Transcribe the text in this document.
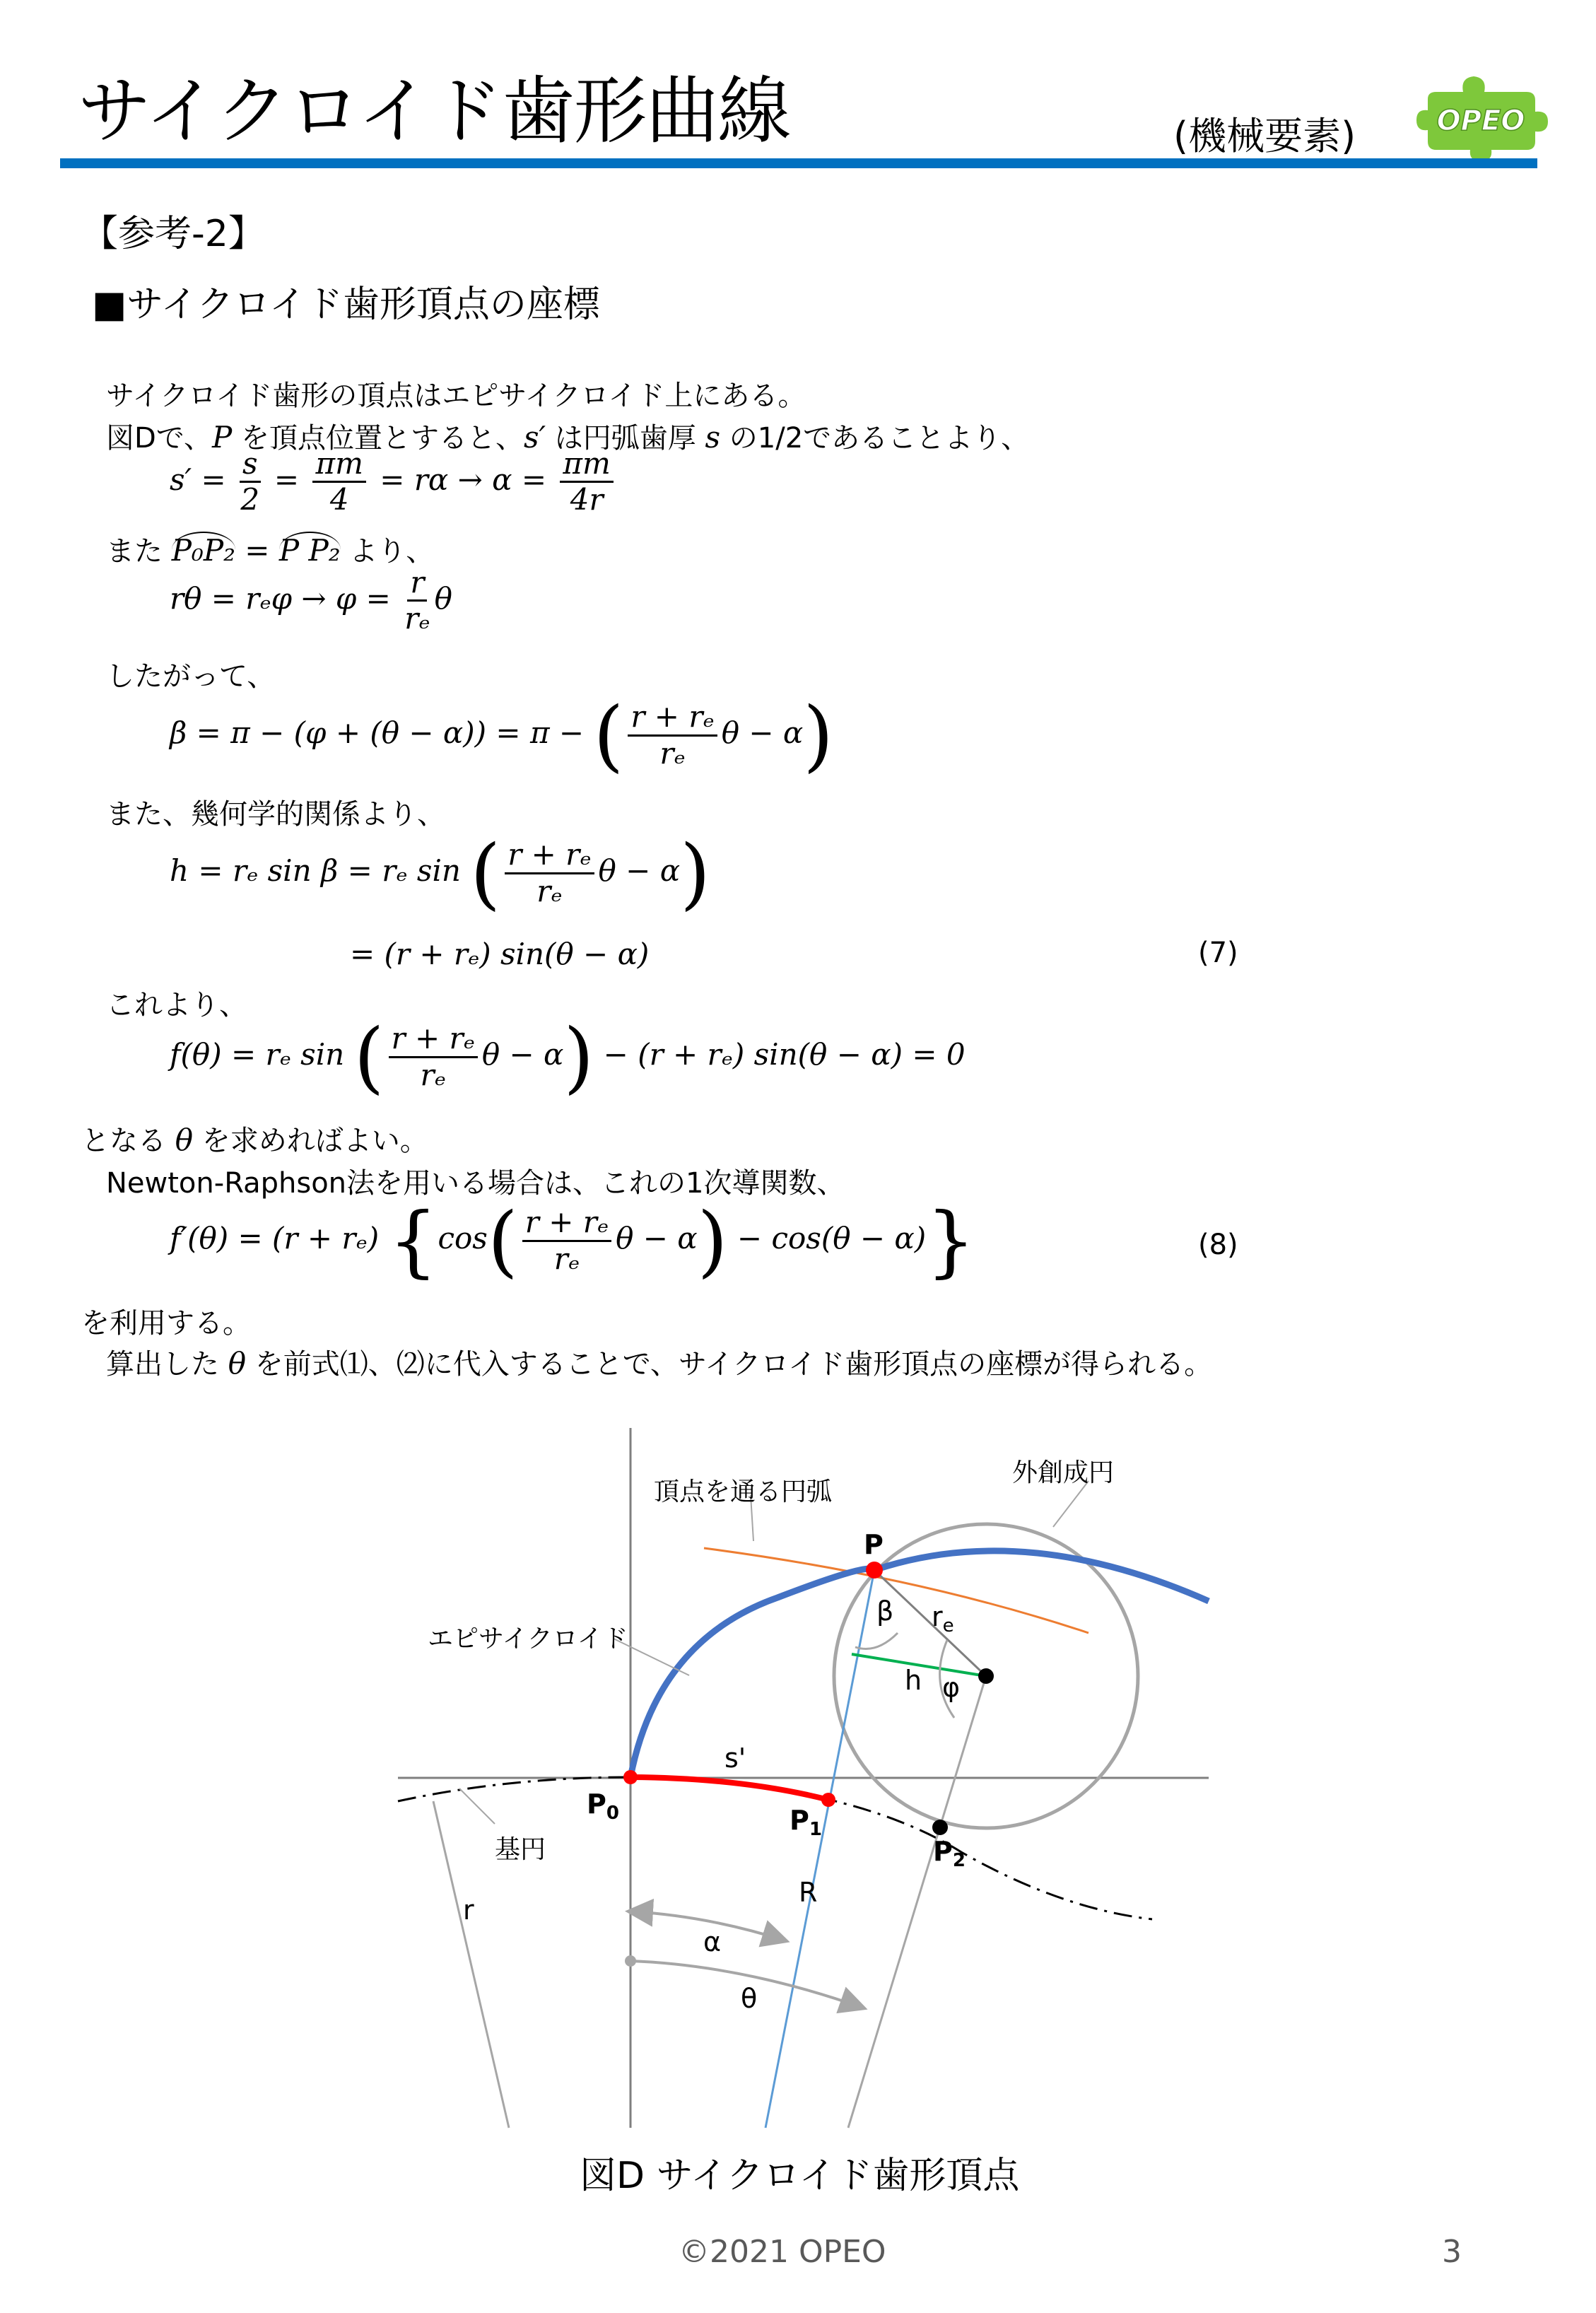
サイクロイド歯形曲線	(機械要素)	OPEO
【参考-2】
■サイクロイド歯形頂点の座標
サイクロイド歯形の頂点はエピサイクロイド上にある。
図Dで、P を頂点位置とすると、s′ は円弧歯厚 s の1/2であることより、
$s' = \frac{s}{2} = \frac{\pi m}{4} = r\alpha \to \alpha = \frac{\pi m}{4r}$
また P₀P₂ = P P₂ より、
$r\theta = r_e\varphi \to \varphi = \frac{r}{\text{rₑ}}$ θ
したがって、
β = π − (φ + (θ − α)) = π − ( $\frac{\text{r + rₑ}}{\text{rₑ}}$ θ − α)
また、幾何学的関係より、
h = rₑ sin β = rₑ sin ( $\frac{\text{r + rₑ}}{\text{rₑ}}$ θ − α)
= (r + rₑ) sin(θ − α)	(7)
これより、
f(θ) = rₑ sin ( $\frac{\text{r + rₑ}}{\text{rₑ}}$ θ − α) − (r + rₑ) sin(θ − α) = 0
となる θ を求めればよい。
Newton-Raphson法を用いる場合は、これの1次導関数、
f′(θ) = (r + rₑ) {$\cos( \frac{\text{r + rₑ}}{\text{rₑ}}$ θ − α) − cos(θ − α)}	(8)
を利用する。
算出した θ を前式⑴、⑵に代入することで、サイクロイド歯形頂点の座標が得られる。
頂点を通る円弧
外創成円
エピサイクロイド
基円
P
$P_0$	$P_1$
$P_2$
β $r_e$
h φ
s'
R
r
α
θ
図D サイクロイド歯形頂点
©2021 OPEO	3
